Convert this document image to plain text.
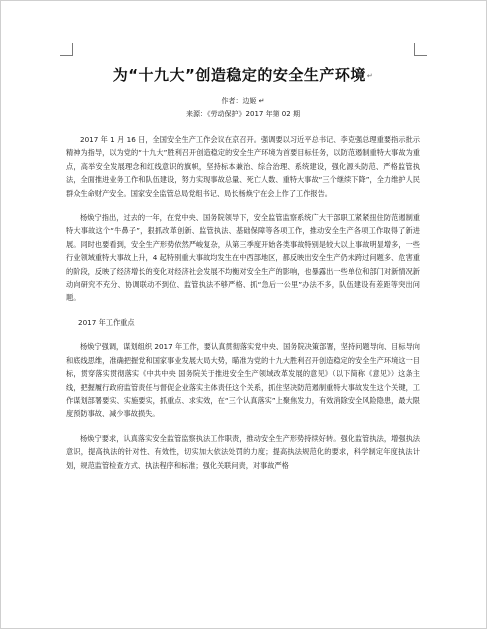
为“十九大”创造稳定的安全生产环境↵
作者：边姬 ↵
来源：《劳动保护》2017 年第 02 期

2017 年 1 月 16 日，全国安全生产工作会议在京召开。强调要以习近平总书记、李克强总理重要指示批示精神为指导，以为党的“十九大”胜利召开创造稳定的安全生产环境为首要目标任务，以防范遏制重特大事故为重点，高举安全发展理念和红线意识的旗帜，坚持标本兼治、综合治理、系统建设，强化源头防范、严格监管执法，全面推进业务工作和队伍建设，努力实现事故总量、死亡人数、重特大事故“三个继续下降”，全力维护人民群众生命财产安全。国家安全监管总局党组书记、局长杨焕宁在会上作了工作报告。

杨焕宁指出，过去的一年，在党中央、国务院领导下，安全监管监察系统广大干部职工紧紧扭住防范遏制重特大事故这个“牛鼻子”，狠抓改革创新、监管执法、基础保障等各项工作，推动安全生产各项工作取得了新进展。同时也要看到，安全生产形势依然严峻复杂，从第三季度开始各类事故特别是较大以上事故明显增多，一些行业领域重特大事故上升，4 起特别重大事故均发生在中西部地区，都反映出安全生产仍未跨过问题多、危害重的阶段，反映了经济增长的变化对经济社会发展不均衡对安全生产的影响，也暴露出一些单位和部门对新情况新动向研究不充分、协调联动不到位、监管执法不够严格、抓“急后一公里”办法不多，队伍建设有差距等突出问题。

2017 年工作重点

杨焕宁强调，谋划组织 2017 年工作，要认真贯彻落实党中央、国务院决策部署，坚持问题导向、目标导向和底线思维，准确把握党和国家事业发展大局大势，瞄准为党的十九大胜利召开创造稳定的安全生产环境这一目标，贯穿落实贯彻落实《中共中央 国务院关于推进安全生产领域改革发展的意见》（以下简称《意见》）这条主线，把握履行政府监管责任与督促企业落实主体责任这个关系，抓住坚决防范遏制重特大事故发生这个关键，工作谋划部署要实、实施要实，抓重点、求实效，在“三个认真落实”上聚焦发力，有效消除安全风险隐患，最大限度预防事故、减少事故损失。

杨焕宁要求，认真落实安全监管监察执法工作职责，推动安全生产形势持续好转。强化监管执法，增强执法意识，提高执法的针对性、有效性，切实加大依法处罚的力度；提高执法规范化的要求，科学制定年度执法计划，规范监管检查方式、执法程序和标准；强化关联问责，对事故严格
